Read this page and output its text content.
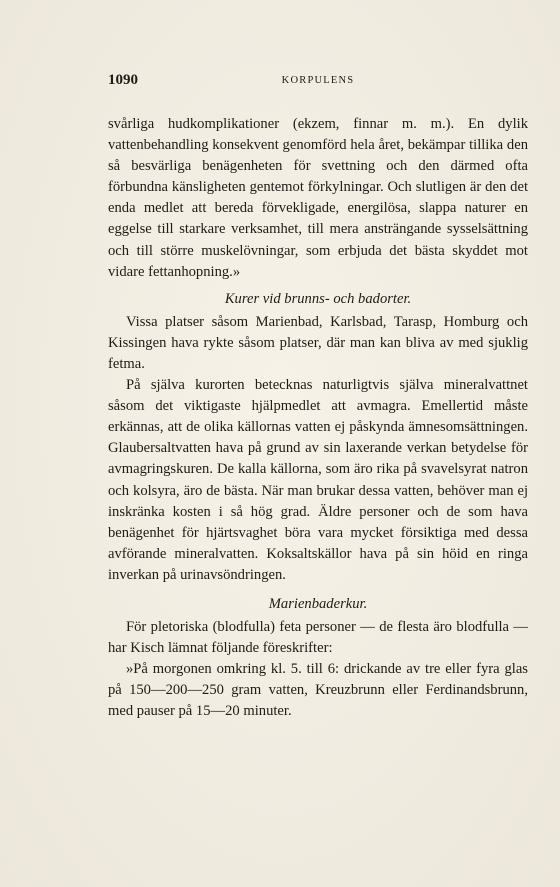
1090	KORPULENS

svårliga hudkomplikationer (ekzem, finnar m. m.). En dylik vattenbehandling konsekvent genomförd hela året, bekämpar tillika den så besvärliga benägenheten för svettning och den därmed ofta förbundna känsligheten gentemot förkylningar. Och slutligen är den det enda medlet att bereda förvekligade, energilösa, slappa naturer en eggelse till starkare verksamhet, till mera ansträngande sysselsättning och till större muskelövningar, som erbjuda det bästa skyddet mot vidare fettanhopning.»

Kurer vid brunns- och badorter.

Vissa platser såsom Marienbad, Karlsbad, Tarasp, Homburg och Kissingen hava rykte såsom platser, där man kan bliva av med sjuklig fetma.

På själva kurorten betecknas naturligtvis själva mineralvattnet såsom det viktigaste hjälpmedlet att avmagra. Emellertid måste erkännas, att de olika källornas vatten ej påskynda ämnesomsättningen. Glaubersaltvatten hava på grund av sin laxerande verkan betydelse för avmagringskuren. De kalla källorna, som äro rika på svavelsyrat natron och kolsyra, äro de bästa. När man brukar dessa vatten, behöver man ej inskränka kosten i så hög grad. Äldre personer och de som hava benägenhet för hjärtsvaghet böra vara mycket försiktiga med dessa avförande mineralvatten. Koksaltskällor hava på sin höid en ringa inverkan på urinavsöndringen.

Marienbaderkur.

För pletoriska (blodfulla) feta personer — de flesta äro blodfulla — har Kisch lämnat följande föreskrifter:

»På morgonen omkring kl. 5. till 6: drickande av tre eller fyra glas på 150—200—250 gram vatten, Kreuzbrunn eller Ferdinandsbrunn, med pauser på 15—20 minuter.
